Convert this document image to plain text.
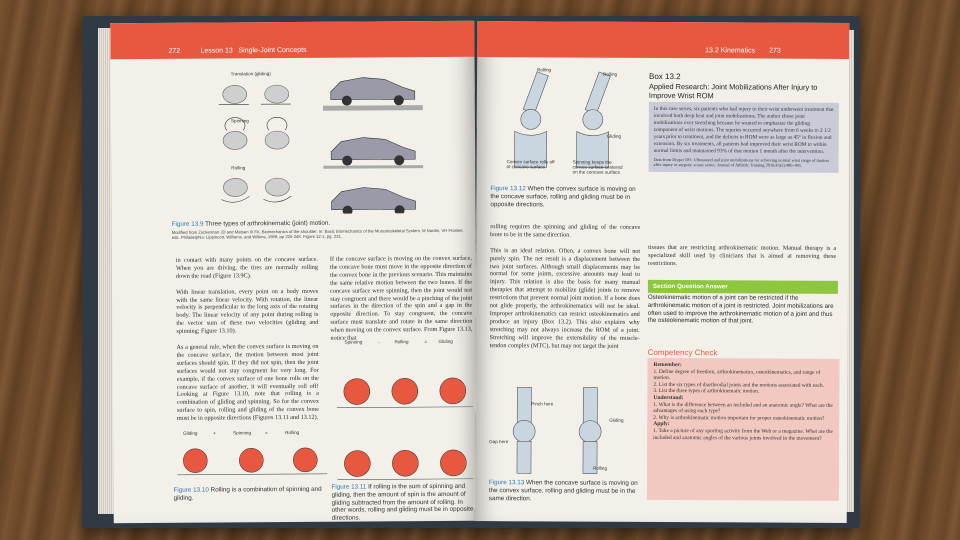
272	Lesson 13 Single-Joint Concepts
Translation (gliding)
Spinning
Rolling
Figure 13.9 Three types of arthrokinematic (joint) motion.
Modified from Zuckerman JD and Matsen III FA. Biomechanics of the shoulder. In: Basic Biomechanics of the Musculoskeletal System, M Nordin, VH Frankel, eds. Philadelphia: Lippincott, Williams, and Wilkins, 1989, pp 225-248. Figure 12-1, pg. 231.
in contact with many points on the concave surface. When you are driving, the tires are normally rolling down the road (Figure 13.9C).

With linear translation, every point on a body moves with the same linear velocity. With rotation, the linear velocity is perpendicular to the long axis of the rotating body. The linear velocity of any point during rolling is the vector sum of these two velocities (gliding and spinning; Figure 13.10).

As a general rule, when the convex surface is moving on the concave surface, the motion between most joint surfaces should spin. If they did not spin, then the joint surfaces would not stay congruent for very long. For example, if the convex surface of one bone rolls on the concave surface of another, it will eventually roll off! Looking at Figure 13.10, note that rolling is a combination of gliding and spinning. So for the convex surface to spin, rolling and gliding of the convex bone must be in opposite directions (Figures 13.11 and 13.12).
If the concave surface is moving on the convex surface, the concave bone must move in the opposite direction of the convex bone in the previous scenario. This maintains the same relative motion between the two bones. If the concave surface were spinning, then the joint would not stay congruent and there would be a pinching of the joint surfaces in the direction of the spin and a gap in the opposite direction. To stay congruent, the concave surface must translate and rotate in the same direction when moving on the convex surface. From Figure 13.13, notice that
Gliding	+	Spinning	=	Rolling
Figure 13.10 Rolling is a combination of spinning and gliding.
Spinning	-	Rolling	= Gliding
Figure 13.11 If rolling is the sum of spinning and gliding, then the amount of spin is the amount of gliding subtracted from the amount of rolling. In other words, rolling and gliding must be in opposite directions.
13.2 Kinematics 273
Rolling
Rolling
Gliding
Convex surface rolls off of concave surface
Spinning keeps the convex surface centered on the concave surface
Figure 13.12 When the convex surface is moving on the concave surface, rolling and gliding must be in opposite directions.
rolling requires the spinning and gliding of the concave bone to be in the same direction.

This is an ideal relation. Often, a convex bone will not purely spin. The net result is a displacement between the two joint surfaces. Although small displacements may be normal for some joints, excessive amounts may lead to injury. This relation is also the basis for many manual therapies that attempt to mobilize (glide) joints to remove restrictions that prevent normal joint motion. If a bone does not glide properly, the arthrokinematics will not be ideal. Improper arthrokinematics can restrict osteokinematics and produce an injury (Box 13.2). This also explains why stretching may not always increase the ROM of a joint. Stretching will improve the extensibility of the muscle-tendon complex (MTC), but may not target the joint
Pinch here
Gap here
Gliding
Rolling
Figure 13.13 When the concave surface is moving on the convex surface, rolling and gliding must be in the same direction.
Box 13.2
Applied Research: Joint Mobilizations After Injury to Improve Wrist ROM
In this case series, six patients who had injury to their wrist underwent treatment that involved both deep heat and joint mobilizations. The author chose joint mobilizations over stretching because he wanted to emphasize the gliding component of wrist motions. The injuries occurred anywhere from 6 weeks to 2 1/2 years prior to treatment, and the deficits in ROM were as large as 45° in flexion and extension. By six treatments, all patients had improved their wrist ROM to within normal limits and maintained 93% of that motion 1 month after the intervention.
Data from Draper DO. Ultrasound and joint mobilizations for achieving normal wrist range of motion after injury or surgery: a case series. Journal of Athletic Training 2010;45(5):486–491.
tissues that are restricting arthrokinematic motion. Manual therapy is a specialized skill used by clinicians that is aimed at removing these restrictions.
Section Question Answer
Osteokinematic motion of a joint can be restricted if the arthrokinematic motion of a joint is restricted. Joint mobilizations are often used to improve the arthrokinematic motion of a joint and thus the osteokinematic motion of that joint.
Competency Check
Remember:
1. Define degree of freedom, arthrokinematics, osteokinematics, and range of motion.
2. List the six types of diarthrodial joints and the motions associated with each.
3. List the three types of arthrokinematic motion.
Understand:
1. What is the difference between an included and an anatomic angle? What are the advantages of using each type?
2. Why is arthrokinematic motion important for proper osteokinematic motion?
Apply:
1. Take a picture of any sporting activity from the Web or a magazine. What are the included and anatomic angles of the various joints involved in the movement?
